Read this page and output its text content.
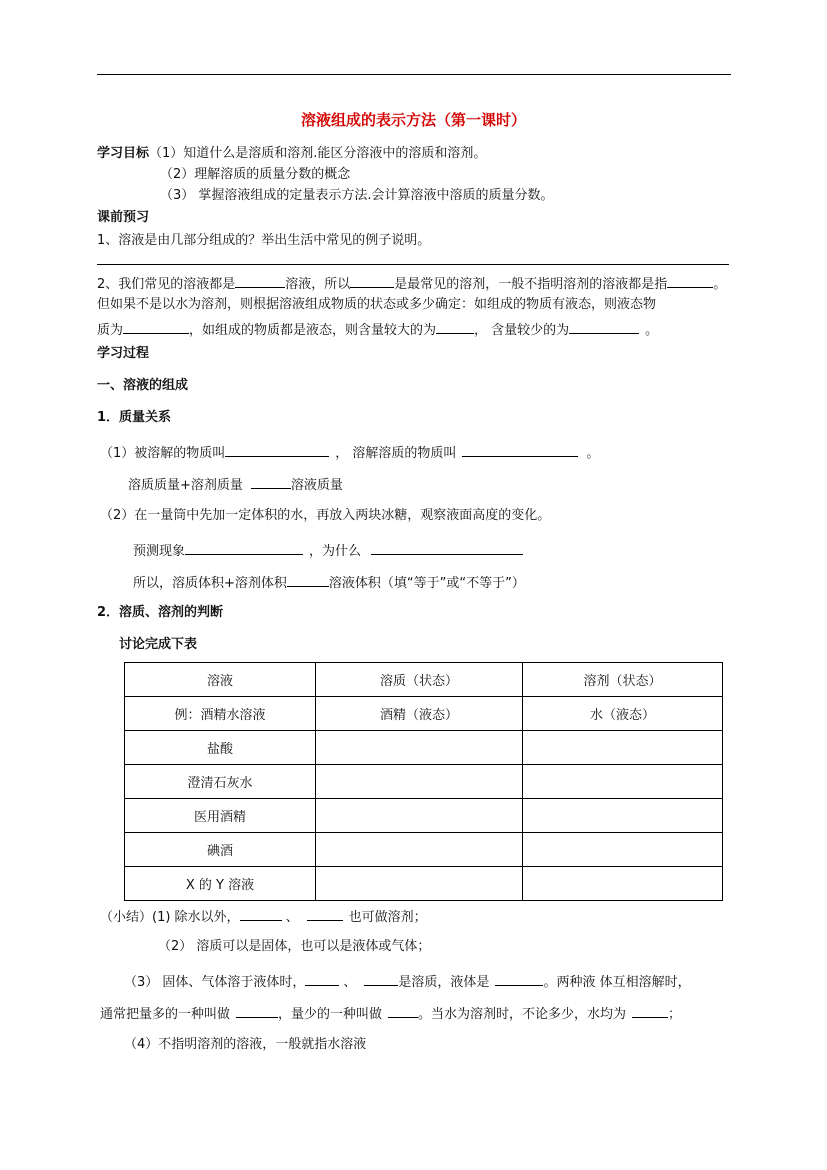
溶液组成的表示方法（第一课时）
学习目标（1）知道什么是溶质和溶剂.能区分溶液中的溶质和溶剂。
（2）理解溶质的质量分数的概念
（3） 掌握溶液组成的定量表示方法.会计算溶液中溶质的质量分数。
课前预习
1、溶液是由几部分组成的？举出生活中常见的例子说明。
2、我们常见的溶液都是	溶液，所以	是最常见的溶剂，一般不指明溶剂的溶液都是指	。
但如果不是以水为溶剂，则根据溶液组成物质的状态或多少确定：如组成的物质有液态，则液态物
质为	，如组成的物质都是液态，则含量较大的为	， 含量较少的为	。
学习过程
一、溶液的组成
1．质量关系
（1）被溶解的物质叫	， 溶解溶质的物质叫	。
溶质质量+溶剂质量	溶液质量
（2）在一量筒中先加一定体积的水，再放入两块冰糖，观察液面高度的变化。
预测现象	，为什么
所以，溶质体积+溶剂体积	溶液体积（填“等于”或“不等于”）
2．溶质、溶剂的判断
讨论完成下表
溶液	溶质（状态）	溶剂（状态）
例：酒精水溶液	酒精（液态）	水（液态）
盐酸		
澄清石灰水		
医用酒精		
碘酒		
X 的 Y 溶液		
（小结）(1) 除水以外，	、	也可做溶剂；
（2） 溶质可以是固体，也可以是液体或气体；
（3） 固体、气体溶于液体时，	、	是溶质，液体是	。两种液 体互相溶解时，
通常把量多的一种叫做	，量少的一种叫做	。当水为溶剂时，不论多少，水均为	；
（4）不指明溶剂的溶液，一般就指水溶液
